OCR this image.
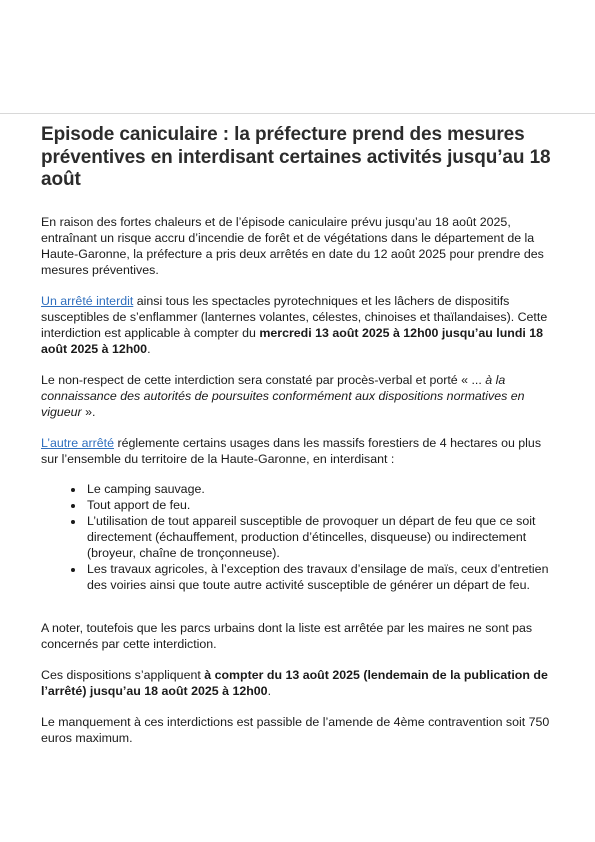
Episode caniculaire : la préfecture prend des mesures préventives en interdisant certaines activités jusqu’au 18 août

En raison des fortes chaleurs et de l’épisode caniculaire prévu jusqu’au 18 août 2025, entraînant un risque accru d’incendie de forêt et de végétations dans le département de la Haute-Garonne, la préfecture a pris deux arrêtés en date du 12 août 2025 pour prendre des mesures préventives.

Un arrêté interdit ainsi tous les spectacles pyrotechniques et les lâchers de dispositifs susceptibles de s’enflammer (lanternes volantes, célestes, chinoises et thaïlandaises). Cette interdiction est applicable à compter du mercredi 13 août 2025 à 12h00 jusqu’au lundi 18 août 2025 à 12h00.

Le non-respect de cette interdiction sera constaté par procès-verbal et porté « ... à la connaissance des autorités de poursuites conformément aux dispositions normatives en vigueur ».

L’autre arrêté réglemente certains usages dans les massifs forestiers de 4 hectares ou plus sur l’ensemble du territoire de la Haute-Garonne, en interdisant :

• Le camping sauvage.
• Tout apport de feu.
• L’utilisation de tout appareil susceptible de provoquer un départ de feu que ce soit directement (échauffement, production d’étincelles, disqueuse) ou indirectement (broyeur, chaîne de tronçonneuse).
• Les travaux agricoles, à l’exception des travaux d’ensilage de maïs, ceux d’entretien des voiries ainsi que toute autre activité susceptible de générer un départ de feu.

A noter, toutefois que les parcs urbains dont la liste est arrêtée par les maires ne sont pas concernés par cette interdiction.

Ces dispositions s’appliquent à compter du 13 août 2025 (lendemain de la publication de l’arrêté) jusqu’au 18 août 2025 à 12h00.

Le manquement à ces interdictions est passible de l’amende de 4ème contravention soit 750 euros maximum.
